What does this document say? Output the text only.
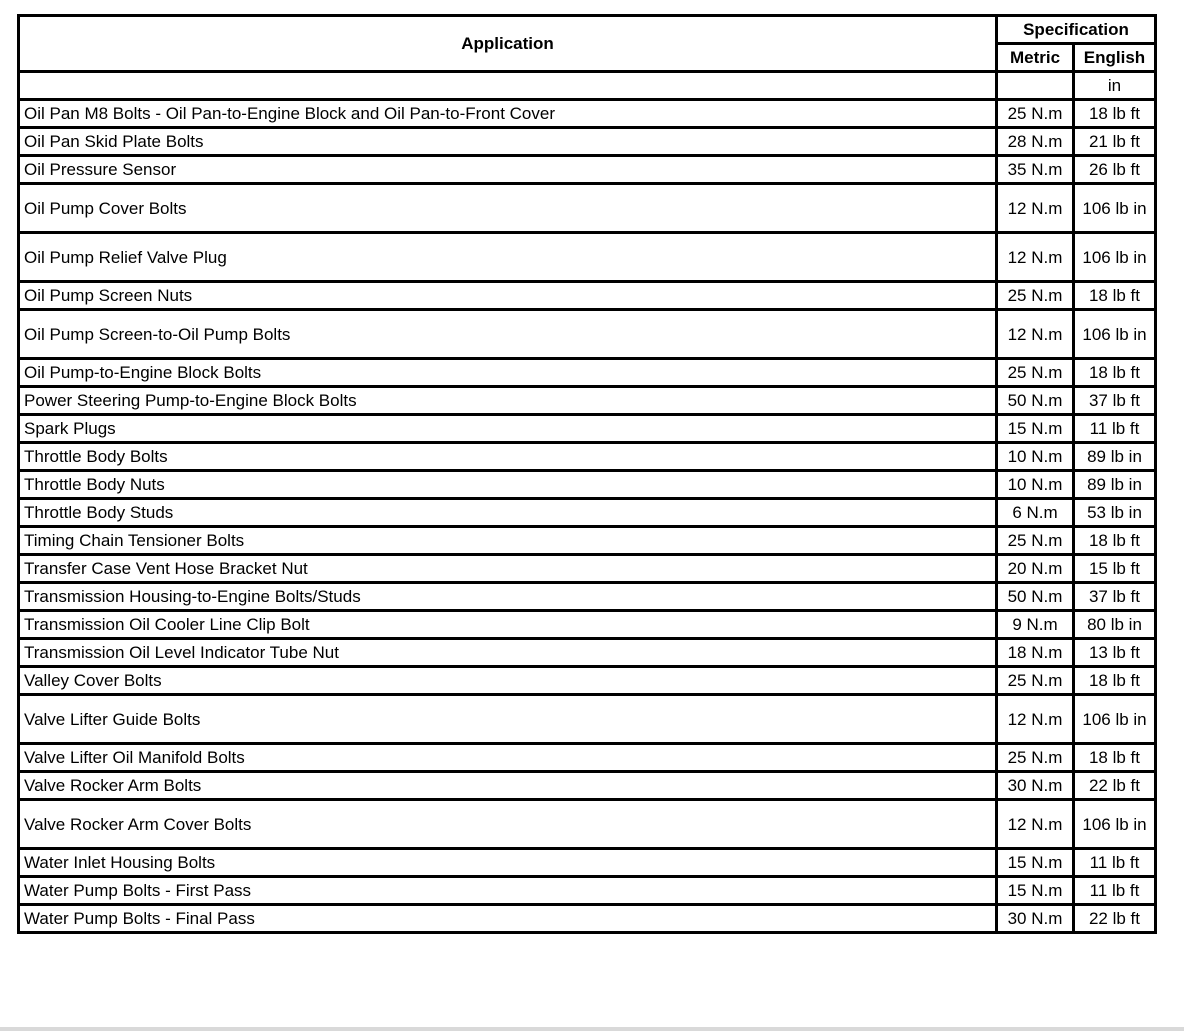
Application	Specification	
	Metric	English
		in
Oil Pan M8 Bolts - Oil Pan-to-Engine Block and Oil Pan-to-Front Cover	25 N.m	18 lb ft
Oil Pan Skid Plate Bolts	28 N.m	21 lb ft
Oil Pressure Sensor	35 N.m	26 lb ft
Oil Pump Cover Bolts	12 N.m	106 lb in
Oil Pump Relief Valve Plug	12 N.m	106 lb in
Oil Pump Screen Nuts	25 N.m	18 lb ft
Oil Pump Screen-to-Oil Pump Bolts	12 N.m	106 lb in
Oil Pump-to-Engine Block Bolts	25 N.m	18 lb ft
Power Steering Pump-to-Engine Block Bolts	50 N.m	37 lb ft
Spark Plugs	15 N.m	11 lb ft
Throttle Body Bolts	10 N.m	89 lb in
Throttle Body Nuts	10 N.m	89 lb in
Throttle Body Studs	6 N.m	53 lb in
Timing Chain Tensioner Bolts	25 N.m	18 lb ft
Transfer Case Vent Hose Bracket Nut	20 N.m	15 lb ft
Transmission Housing-to-Engine Bolts/Studs	50 N.m	37 lb ft
Transmission Oil Cooler Line Clip Bolt	9 N.m	80 lb in
Transmission Oil Level Indicator Tube Nut	18 N.m	13 lb ft
Valley Cover Bolts	25 N.m	18 lb ft
Valve Lifter Guide Bolts	12 N.m	106 lb in
Valve Lifter Oil Manifold Bolts	25 N.m	18 lb ft
Valve Rocker Arm Bolts	30 N.m	22 lb ft
Valve Rocker Arm Cover Bolts	12 N.m	106 lb in
Water Inlet Housing Bolts	15 N.m	11 lb ft
Water Pump Bolts - First Pass	15 N.m	11 lb ft
Water Pump Bolts - Final Pass	30 N.m	22 lb ft
